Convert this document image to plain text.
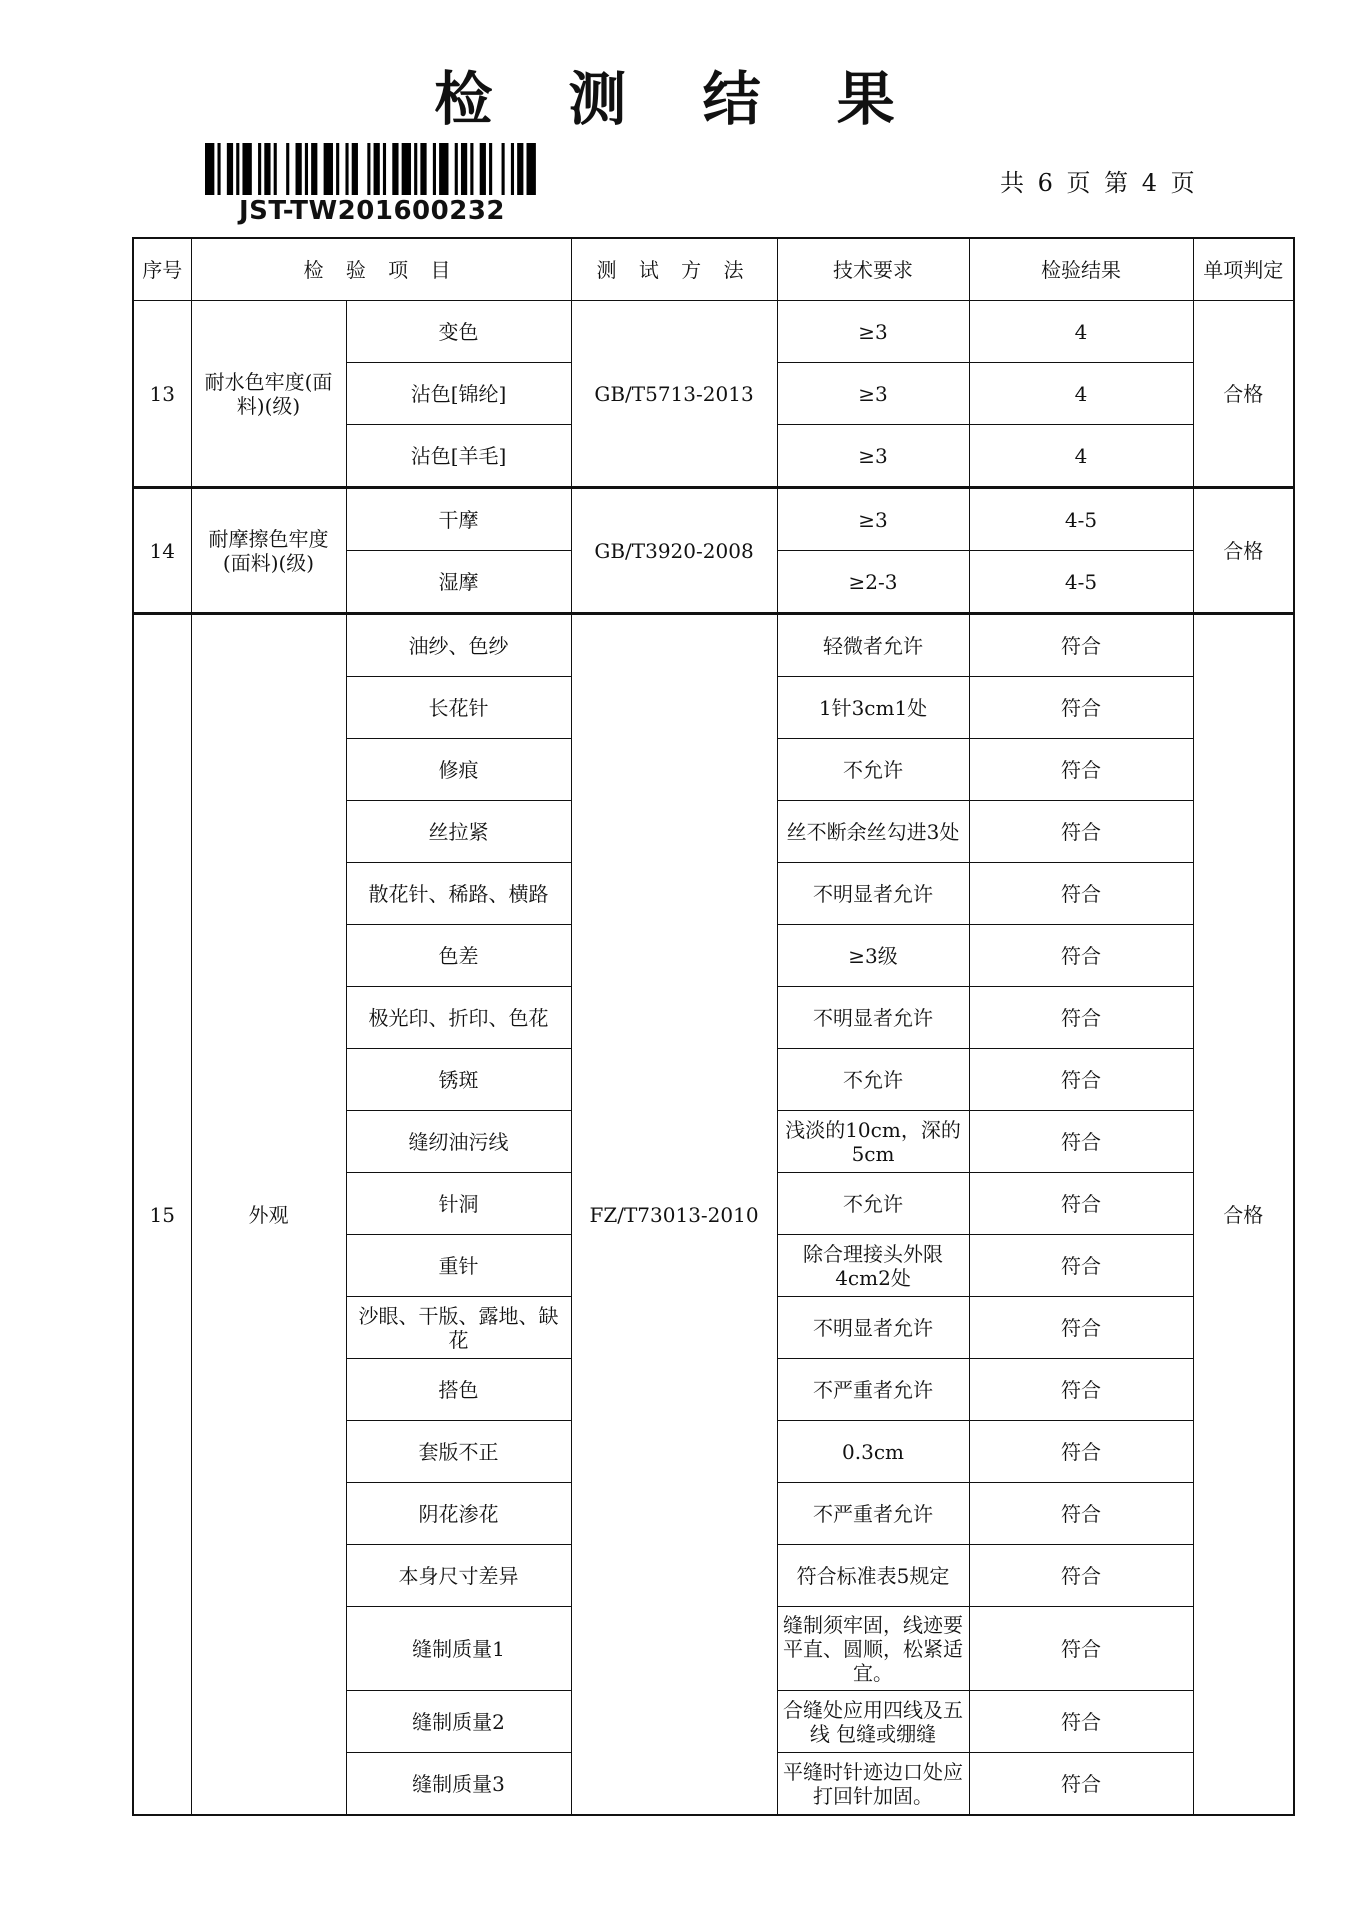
检 测 结 果
JST-TW201600232
共 6 页 第 4 页
序号	检 验 项 目		测 试 方 法	技术要求	检验结果	单项判定
13	耐水色牢度(面料)(级)	变色	GB/T5713-2013	≥3	4	合格
		沾色[锦纶]		≥3	4	
		沾色[羊毛]		≥3	4	
14	耐摩擦色牢度(面料)(级)	干摩	GB/T3920-2008	≥3	4-5	合格
		湿摩		≥2-3	4-5	
15	外观	油纱、色纱	FZ/T73013-2010	轻微者允许	符合	合格
		长花针		1针3cm1处	符合	
		修痕		不允许	符合	
		丝拉紧		丝不断余丝勾进3处	符合	
		散花针、稀路、横路		不明显者允许	符合	
		色差		≥3级	符合	
		极光印、折印、色花		不明显者允许	符合	
		锈斑		不允许	符合	
		缝纫油污线		浅淡的10cm，深的5cm	符合	
		针洞		不允许	符合	
		重针		除合理接头外限4cm2处	符合	
		沙眼、干版、露地、缺花		不明显者允许	符合	
		搭色		不严重者允许	符合	
		套版不正		0.3cm	符合	
		阴花渗花		不严重者允许	符合	
		本身尺寸差异		符合标准表5规定	符合	
		缝制质量1		缝制须牢固，线迹要平直、圆顺，松紧适宜。	符合	
		缝制质量2		合缝处应用四线及五线 包缝或绷缝	符合	
		缝制质量3		平缝时针迹边口处应打回针加固。	符合	
